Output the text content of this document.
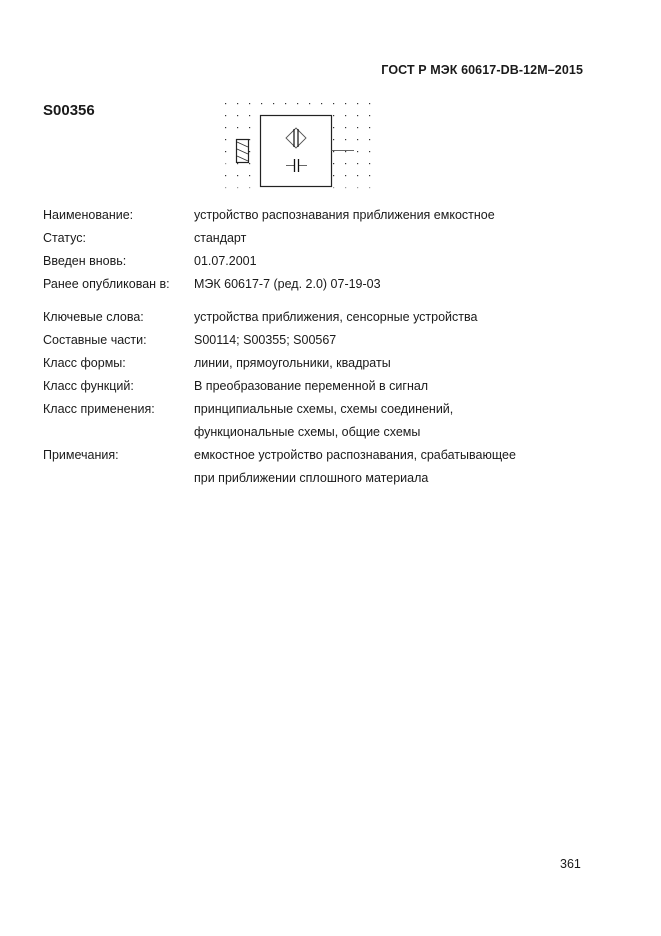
ГОСТ Р МЭК 60617-DB-12M–2015
S00356
Наименование:	устройство распознавания приближения емкостное
Статус:	стандарт
Введен вновь:	01.07.2001
Ранее опубликован в:	МЭК 60617-7 (ред. 2.0) 07-19-03
Ключевые слова:	устройства приближения, сенсорные устройства
Составные части:	S00114; S00355; S00567
Класс формы:	линии, прямоугольники, квадраты
Класс функций:	В преобразование переменной в сигнал
Класс применения:	принципиальные схемы, схемы соединений,
функциональные схемы, общие схемы
Примечания:	емкостное устройство распознавания, срабатывающее
при приближении сплошного материала
361
